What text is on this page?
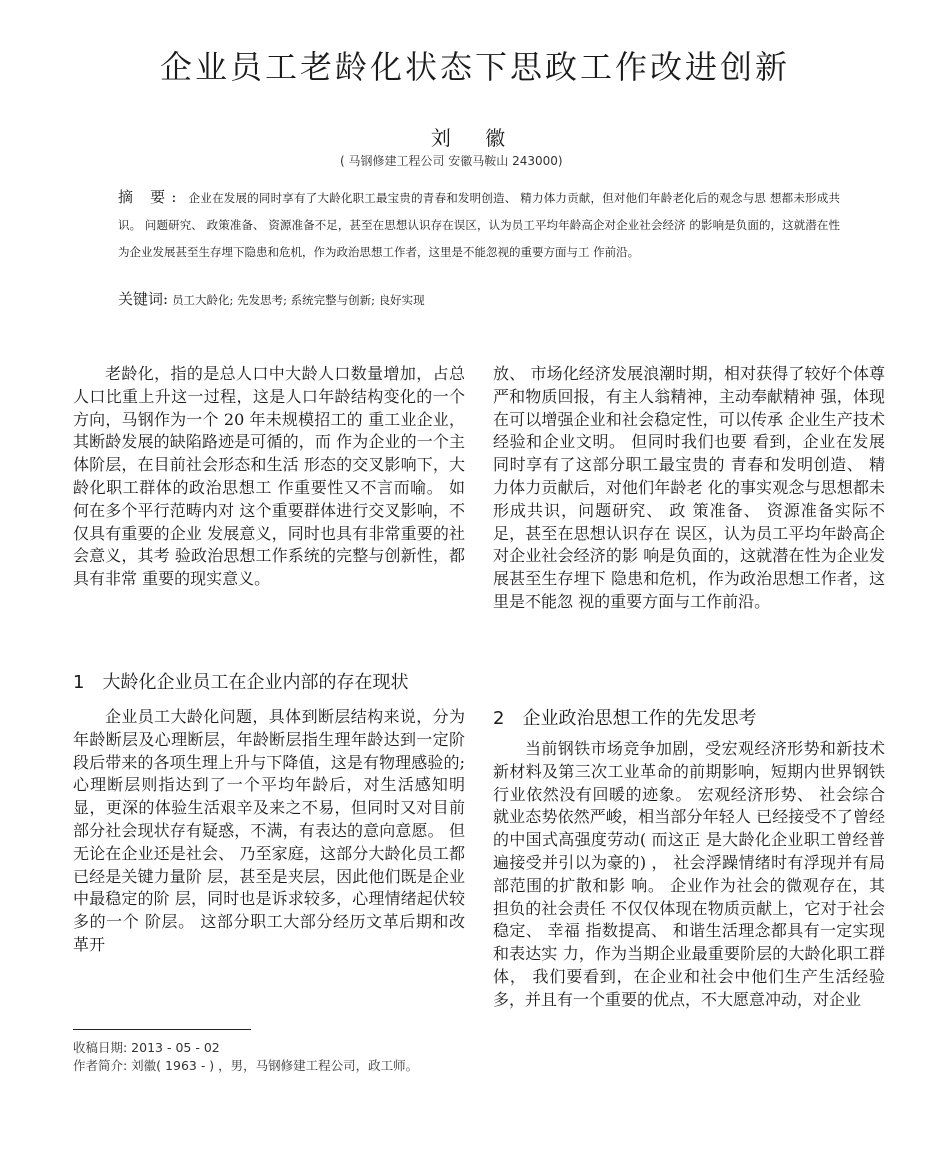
企业员工老龄化状态下思政工作改进创新
刘 徽
( 马钢修建工程公司 安徽马鞍山 243000)
摘 要: 企业在发展的同时享有了大龄化职工最宝贵的青春和发明创造、 精力体力贡献，但对他们年龄老化后的观念与思 想都未形成共识。 问题研究、 政策准备、 资源准备不足，甚至在思想认识存在误区，认为员工平均年龄高企对企业社会经济 的影响是负面的，这就潜在性为企业发展甚至生存埋下隐患和危机，作为政治思想工作者，这里是不能忽视的重要方面与工 作前沿。
关键词: 员工大龄化; 先发思考; 系统完整与创新; 良好实现
老龄化，指的是总人口中大龄人口数量增加，占总人口比重上升这一过程，这是人口年龄结构变化的一个方向，马钢作为一个 20 年未规模招工的 重工业企业，其断龄发展的缺陷路迹是可循的，而 作为企业的一个主体阶层，在目前社会形态和生活 形态的交叉影响下，大龄化职工群体的政治思想工 作重要性又不言而喻。 如何在多个平行范畴内对 这个重要群体进行交叉影响，不仅具有重要的企业 发展意义，同时也具有非常重要的社会意义，其考 验政治思想工作系统的完整与创新性，都具有非常 重要的现实意义。
1 大龄化企业员工在企业内部的存在现状
企业员工大龄化问题，具体到断层结构来说，分为年龄断层及心理断层，年龄断层指生理年龄达到一定阶段后带来的各项生理上升与下降值，这是有物理感验的; 心理断层则指达到了一个平均年龄后，对生活感知明显，更深的体验生活艰辛及来之不易，但同时又对目前部分社会现状存有疑惑，不满，有表达的意向意愿。 但无论在企业还是社会、 乃至家庭，这部分大龄化员工都已经是关键力量阶 层，甚至是夹层，因此他们既是企业中最稳定的阶 层，同时也是诉求较多，心理情绪起伏较多的一个 阶层。 这部分职工大部分经历文革后期和改革开
放、 市场化经济发展浪潮时期，相对获得了较好个体尊严和物质回报，有主人翁精神，主动奉献精神 强，体现在可以增强企业和社会稳定性，可以传承 企业生产技术经验和企业文明。 但同时我们也要 看到，企业在发展同时享有了这部分职工最宝贵的 青春和发明创造、 精力体力贡献后，对他们年龄老 化的事实观念与思想都未形成共识，问题研究、 政 策准备、 资源准备实际不足，甚至在思想认识存在 误区，认为员工平均年龄高企对企业社会经济的影 响是负面的，这就潜在性为企业发展甚至生存埋下 隐患和危机，作为政治思想工作者，这里是不能忽 视的重要方面与工作前沿。
2 企业政治思想工作的先发思考
当前钢铁市场竞争加剧，受宏观经济形势和新技术新材料及第三次工业革命的前期影响，短期内世界钢铁行业依然没有回暖的迹象。 宏观经济形势、 社会综合就业态势依然严峻，相当部分年轻人 已经接受不了曾经的中国式高强度劳动( 而这正 是大龄化企业职工曾经普遍接受并引以为豪的) ， 社会浮躁情绪时有浮现并有局部范围的扩散和影 响。 企业作为社会的微观存在，其担负的社会责任 不仅仅体现在物质贡献上，它对于社会稳定、 幸福 指数提高、 和谐生活理念都具有一定实现和表达实 力，作为当期企业最重要阶层的大龄化职工群体， 我们要看到，在企业和社会中他们生产生活经验 多，并且有一个重要的优点，不大愿意冲动，对企业
收稿日期: 2013 - 05 - 02
作者简介: 刘徽( 1963 - ) ，男，马钢修建工程公司，政工师。
